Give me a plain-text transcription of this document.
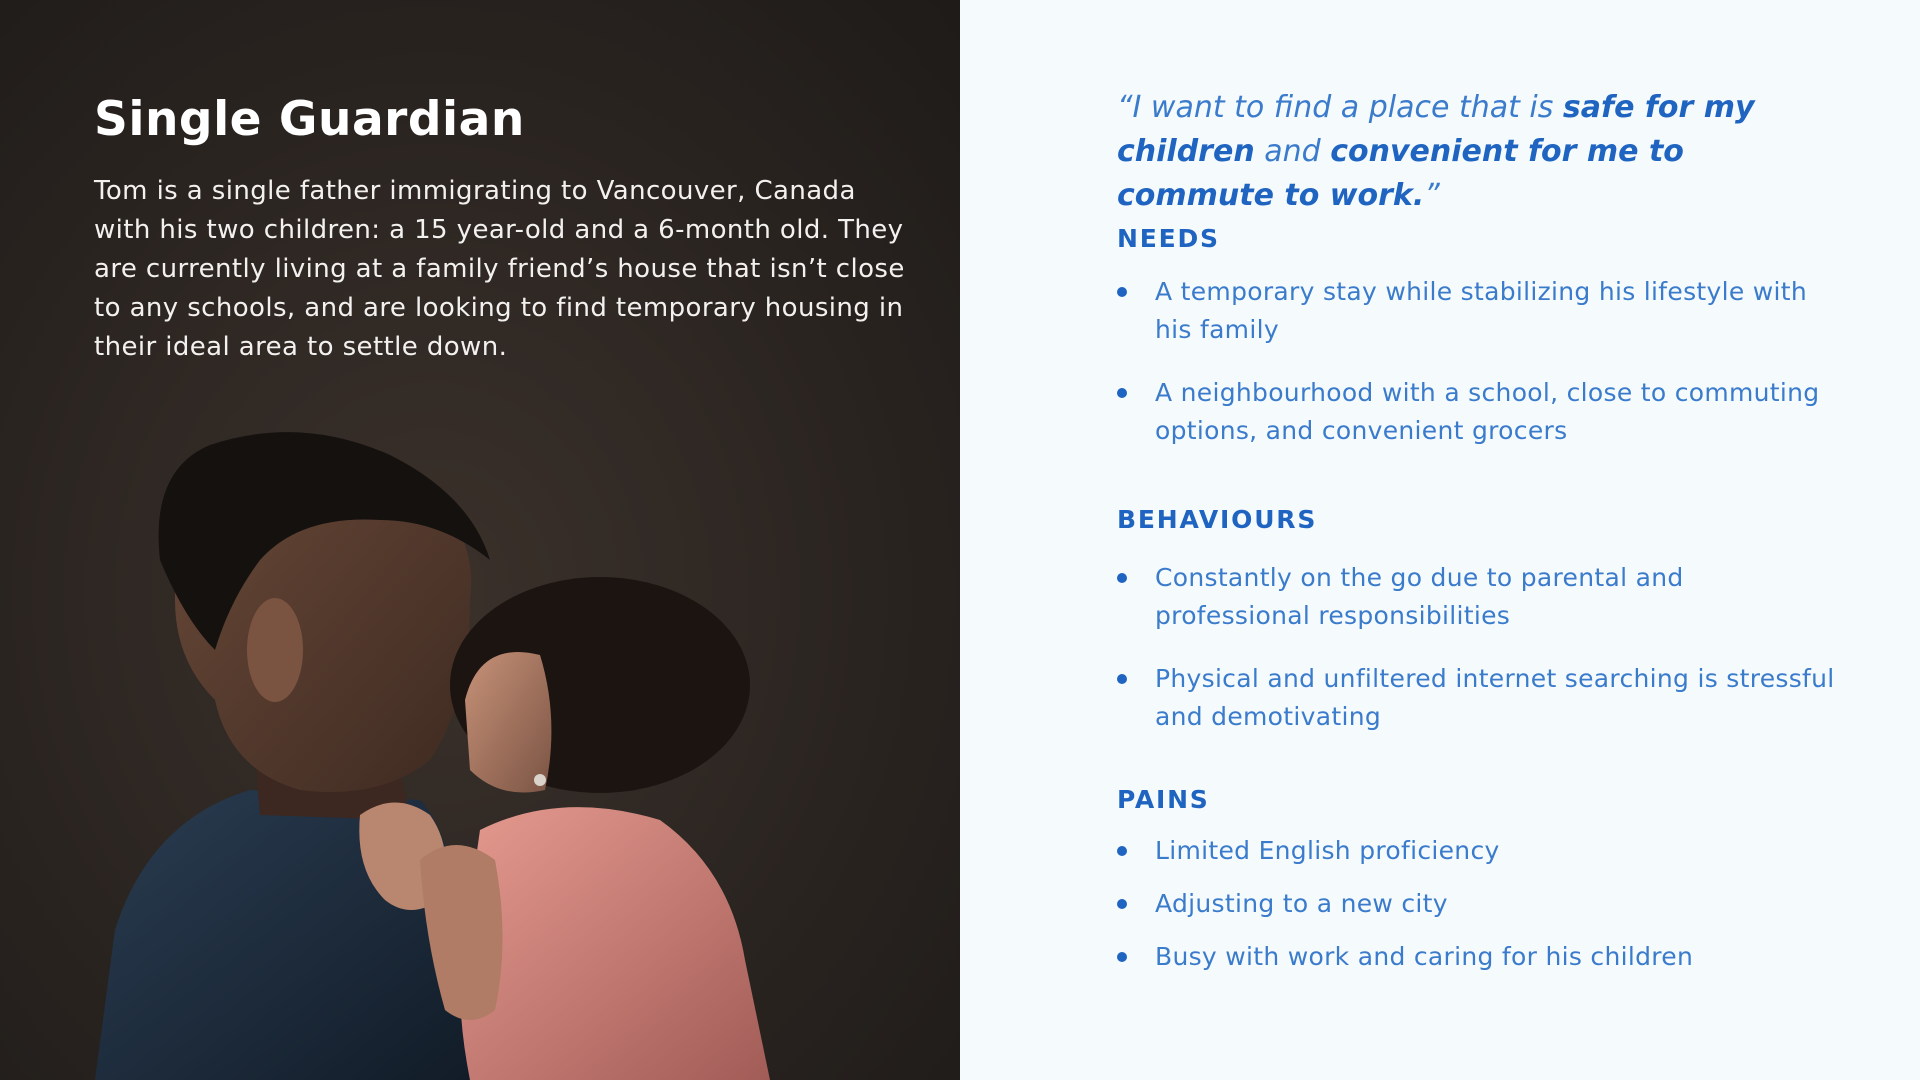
Single Guardian

Tom is a single father immigrating to Vancouver, Canada with his two children: a 15 year-old and a 6-month old. They are currently living at a family friend’s house that isn’t close to any schools, and are looking to find temporary housing in their ideal area to settle down.

“I want to find a place that is safe for my children and convenient for me to commute to work.”

NEEDS
A temporary stay while stabilizing his lifestyle with his family
A neighbourhood with a school, close to commuting options, and convenient grocers
BEHAVIOURS
Constantly on the go due to parental and professional responsibilities
Physical and unfiltered internet searching is stressful and demotivating
PAINS
Limited English proficiency
Adjusting to a new city
Busy with work and caring for his children
